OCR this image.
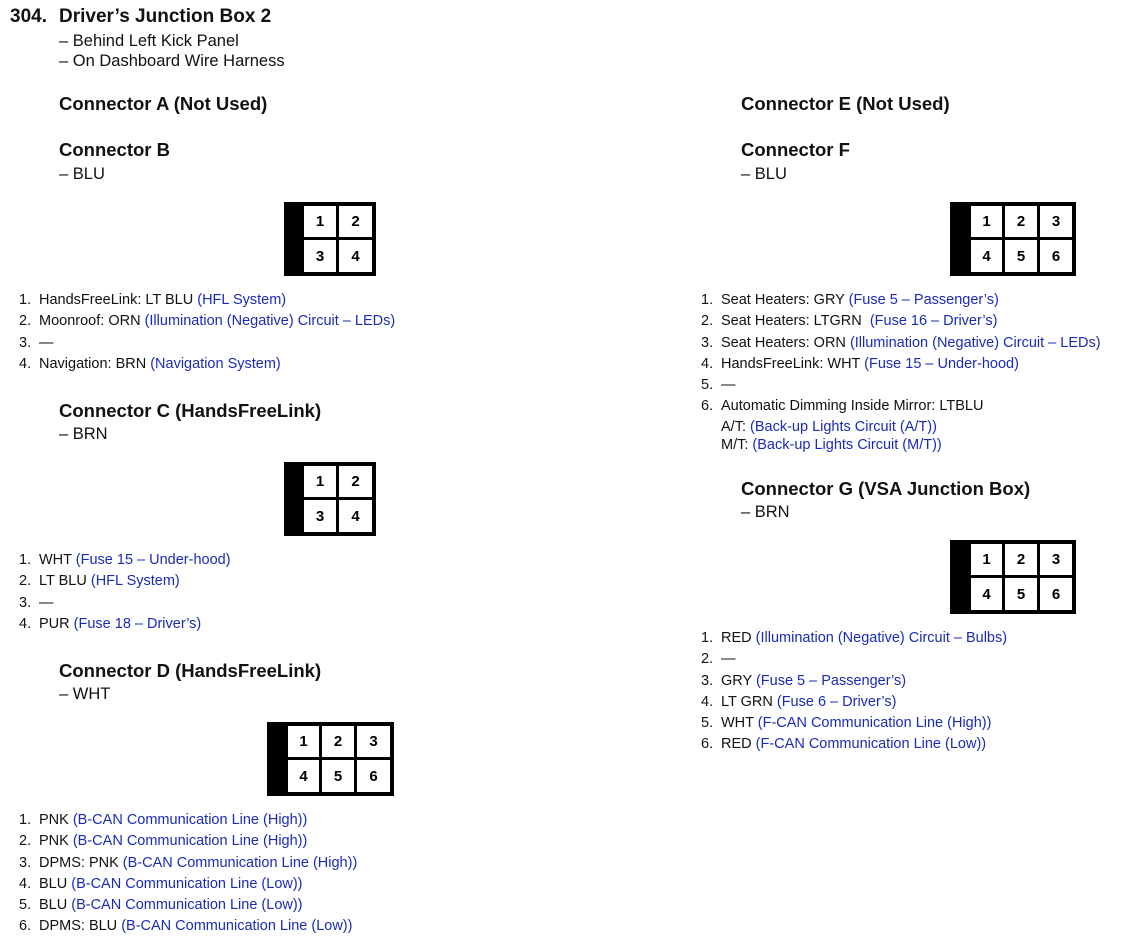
304. Driver’s Junction Box 2
– Behind Left Kick Panel
– On Dashboard Wire Harness
Connector A (Not Used)
Connector B
– BLU
1	2
3	4
1. HandsFreeLink: LT BLU (HFL System)
2. Moonroof: ORN (Illumination (Negative) Circuit – LEDs)
3. —
4. Navigation: BRN (Navigation System)
Connector C (HandsFreeLink)
– BRN
1	2
3	4
1. WHT (Fuse 15 – Under-hood)
2. LT BLU (HFL System)
3. —
4. PUR (Fuse 18 – Driver’s)
Connector D (HandsFreeLink)
– WHT
1	2	3
4	5	6
1. PNK (B-CAN Communication Line (High))
2. PNK (B-CAN Communication Line (High))
3. DPMS: PNK (B-CAN Communication Line (High))
4. BLU (B-CAN Communication Line (Low))
5. BLU (B-CAN Communication Line (Low))
6. DPMS: BLU (B-CAN Communication Line (Low))
Connector E (Not Used)
Connector F
– BLU
1	2	3
4	5	6
1. Seat Heaters: GRY (Fuse 5 – Passenger’s)
2. Seat Heaters: LTGRN  (Fuse 16 – Driver’s)
3. Seat Heaters: ORN (Illumination (Negative) Circuit – LEDs)
4. HandsFreeLink: WHT (Fuse 15 – Under-hood)
5. —
6. Automatic Dimming Inside Mirror: LTBLU
A/T: (Back-up Lights Circuit (A/T))
M/T: (Back-up Lights Circuit (M/T))
Connector G (VSA Junction Box)
– BRN
1	2	3
4	5	6
1. RED (Illumination (Negative) Circuit – Bulbs)
2. —
3. GRY (Fuse 5 – Passenger’s)
4. LT GRN (Fuse 6 – Driver’s)
5. WHT (F-CAN Communication Line (High))
6. RED (F-CAN Communication Line (Low))
